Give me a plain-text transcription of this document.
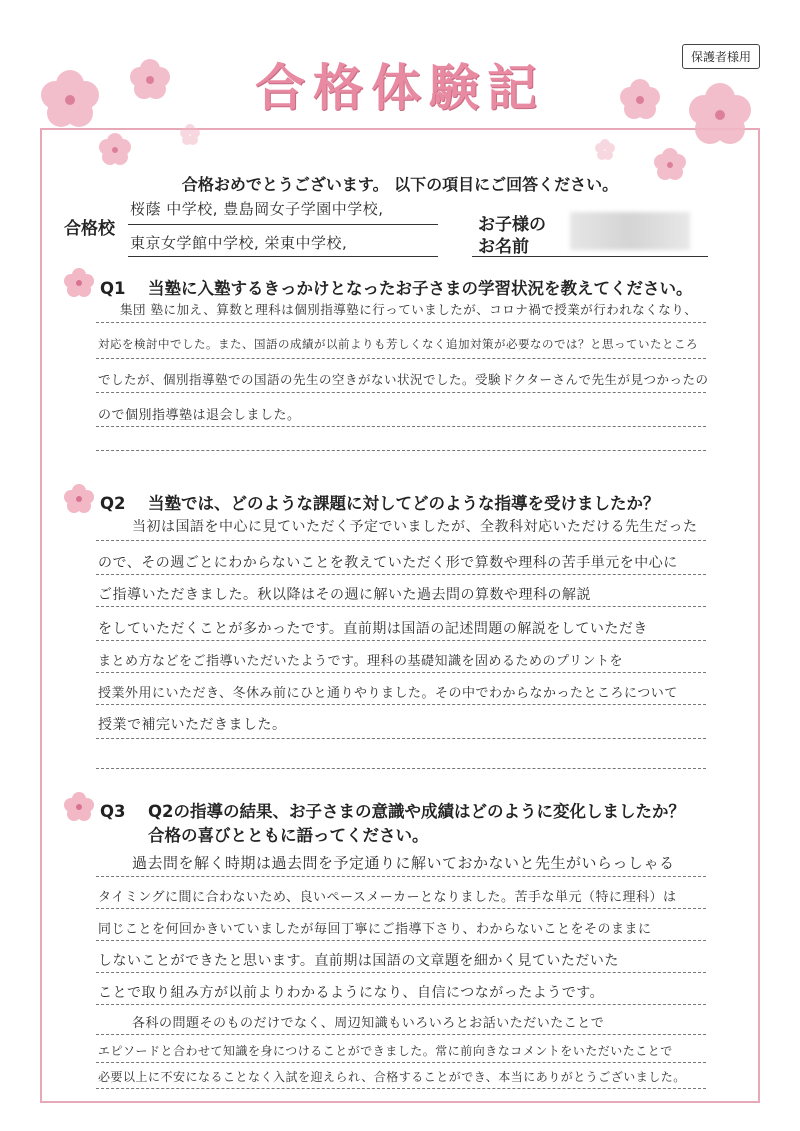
保護者様用
合格体験記
合格おめでとうございます。 以下の項目にご回答ください。
合格校
桜蔭 中学校, 豊島岡女子学園中学校,
東京女学館中学校, 栄東中学校,
お子様の
お名前
Q1 当塾に入塾するきっかけとなったお子さまの学習状況を教えてください。
集団 塾に加え、算数と理科は個別指導塾に行っていましたが、コロナ禍で授業が行われなくなり、
対応を検討中でした。また、国語の成績が以前よりも芳しくなく追加対策が必要なのでは？と思っていたところ
でしたが、個別指導塾での国語の先生の空きがない状況でした。受験ドクターさんで先生が見つかったの
ので個別指導塾は退会しました。
Q2 当塾では、どのような課題に対してどのような指導を受けましたか？
当初は国語を中心に見ていただく予定でいましたが、全教科対応いただける先生だった
ので、その週ごとにわからないことを教えていただく形で算数や理科の苦手単元を中心に
ご指導いただきました。秋以降はその週に解いた過去問の算数や理科の解説
をしていただくことが多かったです。直前期は国語の記述問題の解説をしていただき
まとめ方などをご指導いただいたようです。理科の基礎知識を固めるためのプリントを
授業外用にいただき、冬休み前にひと通りやりました。その中でわからなかったところについて
授業で補完いただきました。
Q3 Q2の指導の結果、お子さまの意識や成績はどのように変化しましたか？
合格の喜びとともに語ってください。
過去問を解く時期は過去問を予定通りに解いておかないと先生がいらっしゃる
タイミングに間に合わないため、良いペースメーカーとなりました。苦手な単元（特に理科）は
同じことを何回かきいていましたが毎回丁寧にご指導下さり、わからないことをそのままに
しないことができたと思います。直前期は国語の文章題を細かく見ていただいた
ことで取り組み方が以前よりわかるようになり、自信につながったようです。
各科の問題そのものだけでなく、周辺知識もいろいろとお話いただいたことで
エピソードと合わせて知識を身につけることができました。常に前向きなコメントをいただいたことで
必要以上に不安になることなく入試を迎えられ、合格することができ、本当にありがとうございました。
